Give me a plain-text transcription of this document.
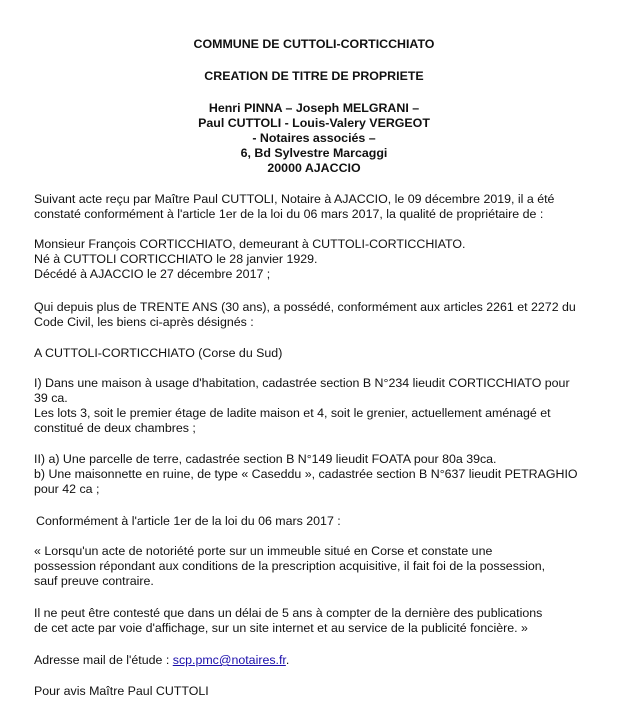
COMMUNE DE CUTTOLI-CORTICCHIATO
CREATION DE TITRE DE PROPRIETE
Henri PINNA – Joseph MELGRANI –
Paul CUTTOLI - Louis-Valery VERGEOT
- Notaires associés –
6, Bd Sylvestre Marcaggi
20000 AJACCIO
Suivant acte reçu par Maître Paul CUTTOLI, Notaire à AJACCIO, le 09 décembre 2019, il a été
constaté conformément à l'article 1er de la loi du 06 mars 2017, la qualité de propriétaire de :
Monsieur François CORTICCHIATO, demeurant à CUTTOLI-CORTICCHIATO.
Né à CUTTOLI CORTICCHIATO le 28 janvier 1929.
Décédé à AJACCIO le 27 décembre 2017 ;
Qui depuis plus de TRENTE ANS (30 ans), a possédé, conformément aux articles 2261 et 2272 du
Code Civil, les biens ci-après désignés :
A CUTTOLI-CORTICCHIATO (Corse du Sud)
I) Dans une maison à usage d'habitation, cadastrée section B N°234 lieudit CORTICCHIATO pour
39 ca.
Les lots 3, soit le premier étage de ladite maison et 4, soit le grenier, actuellement aménagé et
constitué de deux chambres ;
II) a) Une parcelle de terre, cadastrée section B N°149 lieudit FOATA pour 80a 39ca.
b) Une maisonnette en ruine, de type « Caseddu », cadastrée section B N°637 lieudit PETRAGHIO
pour 42 ca ;
Conformément à l'article 1er de la loi du 06 mars 2017 :
« Lorsqu'un acte de notoriété porte sur un immeuble situé en Corse et constate une
possession répondant aux conditions de la prescription acquisitive, il fait foi de la possession,
sauf preuve contraire.
Il ne peut être contesté que dans un délai de 5 ans à compter de la dernière des publications
de cet acte par voie d'affichage, sur un site internet et au service de la publicité foncière. »
Adresse mail de l'étude : scp.pmc@notaires.fr.
Pour avis Maître Paul CUTTOLI
